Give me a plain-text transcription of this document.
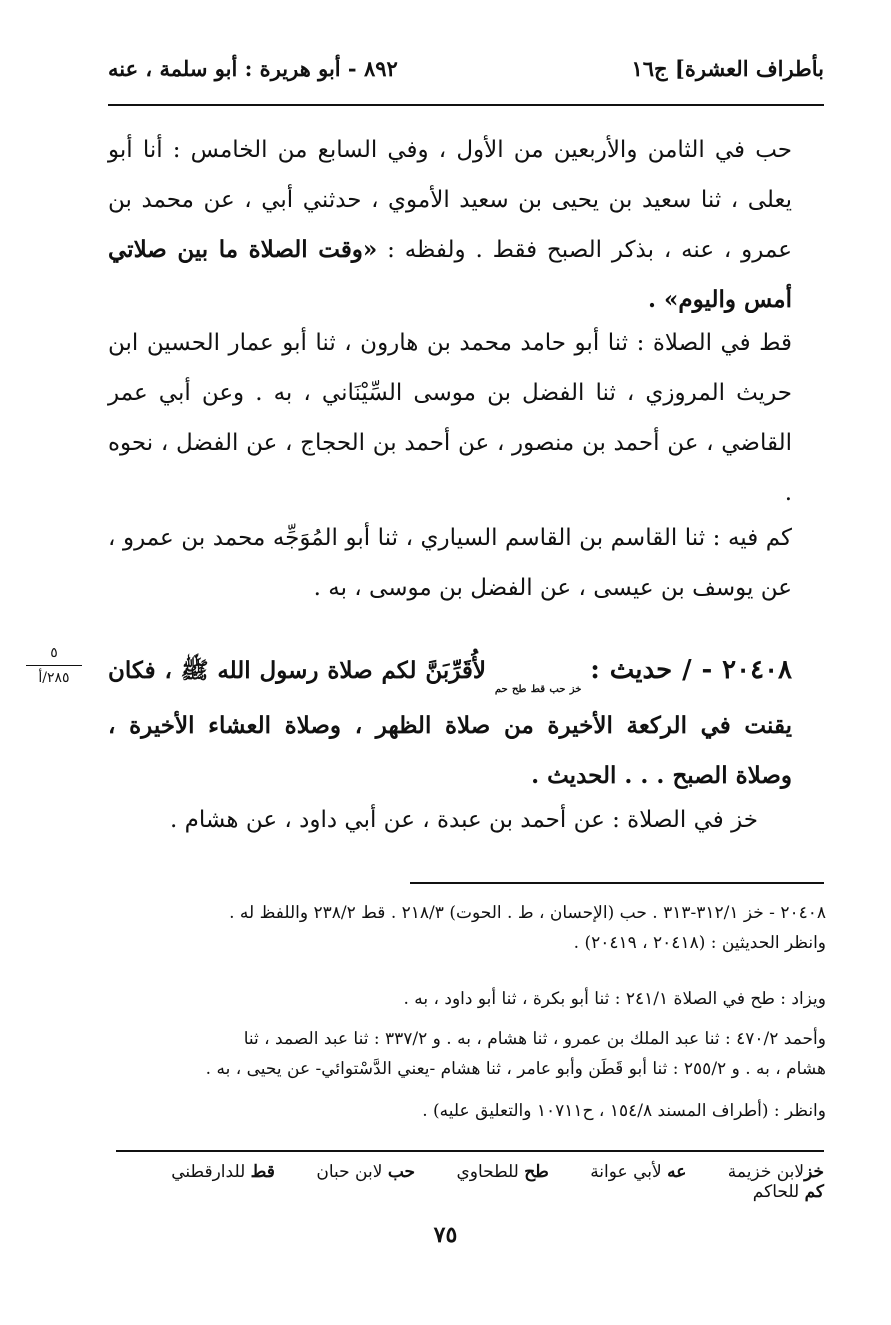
٨٩٢ - أبو هريرة : أبو سلمة ، عنه	بأطراف العشرة] ج١٦
حب في الثامن والأربعين من الأول ، وفي السابع من الخامس : أنا أبو يعلى ، ثنا سعيد بن يحيى بن سعيد الأموي ، حدثني أبي ، عن محمد بن عمرو ، عنه ، بذكر الصبح فقط . ولفظه : «وقت الصلاة ما بين صلاتي أمس واليوم» .
قط في الصلاة : ثنا أبو حامد محمد بن هارون ، ثنا أبو عمار الحسين ابن حريث المروزي ، ثنا الفضل بن موسى السِّيْنَاني ، به . وعن أبي عمر القاضي ، عن أحمد بن منصور ، عن أحمد بن الحجاج ، عن الفضل ، نحوه .
كم فيه : ثنا القاسم بن القاسم السياري ، ثنا أبو المُوَجِّه محمد بن عمرو ، عن يوسف بن عيسى ، عن الفضل بن موسى ، به .
٢٠٤٠٨ - / حديث : $_{خز حب قط طح حم}$ لأُقَرِّبَنَّ لكم صلاة رسول الله ﷺ ، فكان يقنت في الركعة الأخيرة من صلاة الظهر ، وصلاة العشاء الأخيرة ، وصلاة الصبح . . . الحديث .
٥
٢٨٥/أ
خز في الصلاة : عن أحمد بن عبدة ، عن أبي داود ، عن هشام .
٢٠٤٠٨ - خز ٣١٢/١-٣١٣ . حب (الإحسان ، ط . الحوت) ٢١٨/٣ . قط ٢٣٨/٢ واللفظ له .
وانظر الحديثين : (٢٠٤١٨ ، ٢٠٤١٩) .
ويزاد : طح في الصلاة ٢٤١/١ : ثنا أبو بكرة ، ثنا أبو داود ، به .
وأحمد ٤٧٠/٢ : ثنا عبد الملك بن عمرو ، ثنا هشام ، به . و ٣٣٧/٢ : ثنا عبد الصمد ، ثنا
هشام ، به . و ٢٥٥/٢ : ثنا أبو قَطَن وأبو عامر ، ثنا هشام -يعني الدَّسْتوائي- عن يحيى ، به .
وانظر : (أطراف المسند ١٥٤/٨ ، ح١٠٧١١ والتعليق عليه) .
خزلابن خزيمة عه لأبي عوانة طح للطحاوي حب لابن حبان قط للدارقطني كم للحاكم
٧٥
